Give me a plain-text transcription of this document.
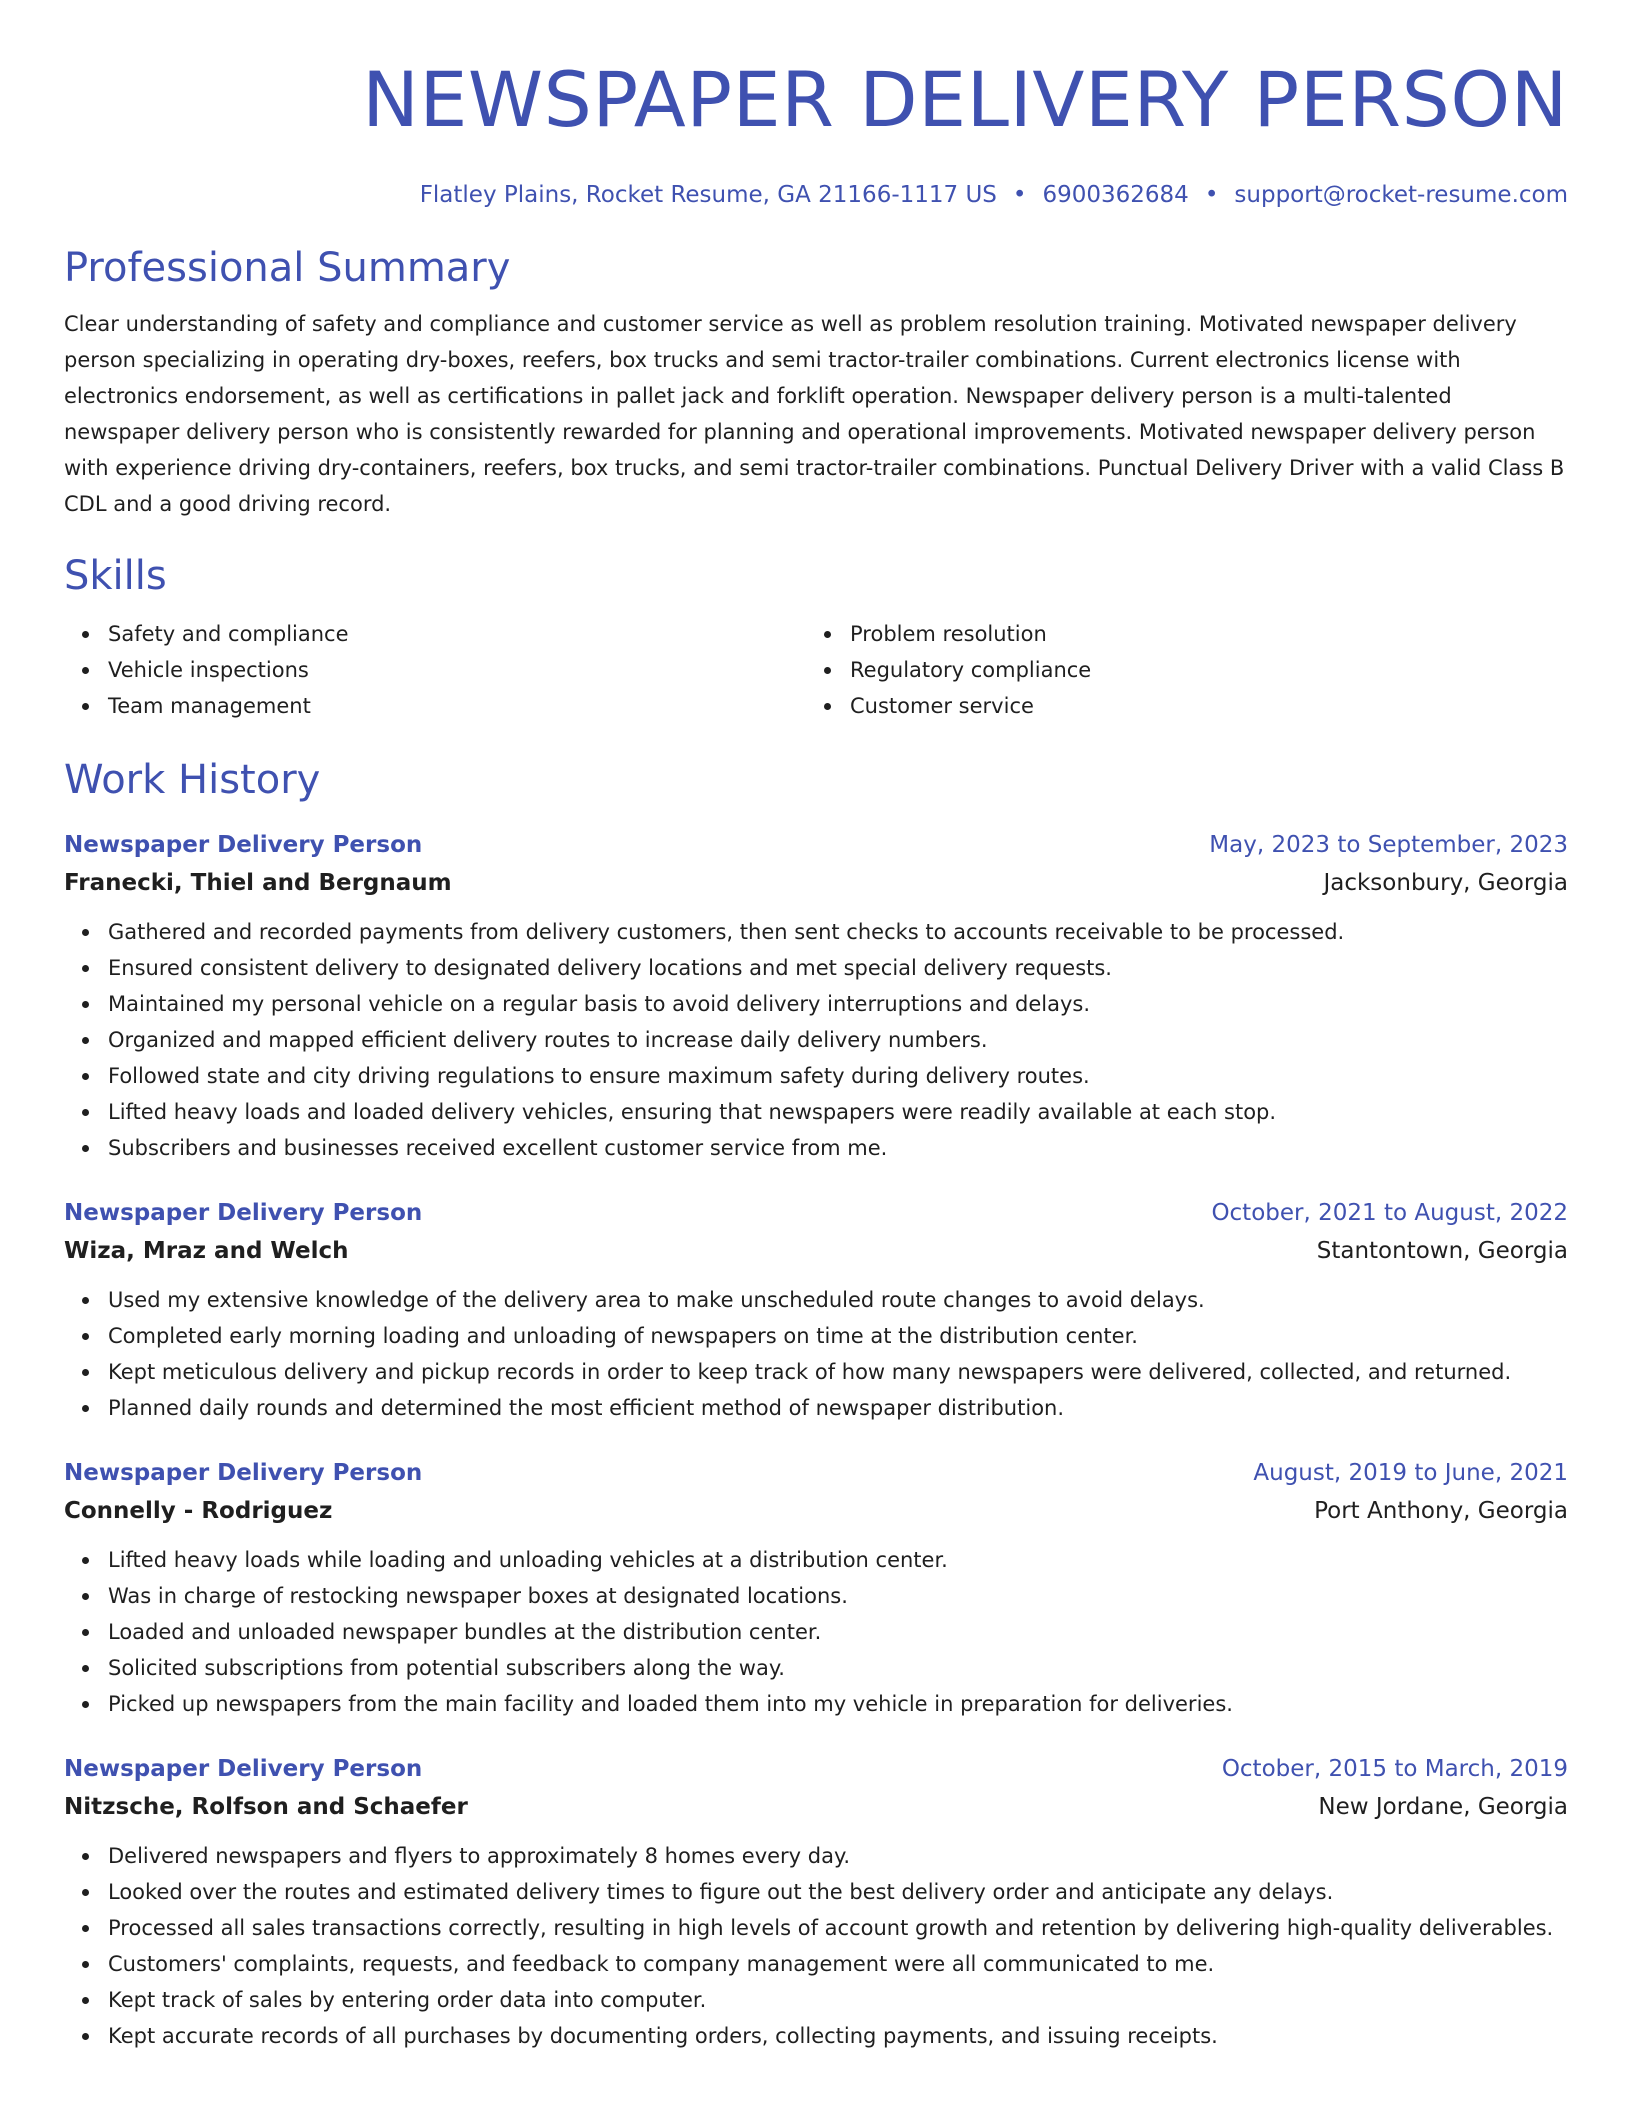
NEWSPAPER DELIVERY PERSON
Flatley Plains, Rocket Resume, GA 21166-1117 US • 6900362684 • support@rocket-resume.com
Professional Summary
Clear understanding of safety and compliance and customer service as well as problem resolution training. Motivated newspaper delivery person specializing in operating dry-boxes, reefers, box trucks and semi tractor-trailer combinations. Current electronics license with electronics endorsement, as well as certifications in pallet jack and forklift operation. Newspaper delivery person is a multi-talented newspaper delivery person who is consistently rewarded for planning and operational improvements. Motivated newspaper delivery person with experience driving dry-containers, reefers, box trucks, and semi tractor-trailer combinations. Punctual Delivery Driver with a valid Class B CDL and a good driving record.
Skills
Safety and compliance
Vehicle inspections
Team management
Problem resolution
Regulatory compliance
Customer service
Work History
Newspaper Delivery Person	May, 2023 to September, 2023
Franecki, Thiel and Bergnaum	Jacksonbury, Georgia
Gathered and recorded payments from delivery customers, then sent checks to accounts receivable to be processed.
Ensured consistent delivery to designated delivery locations and met special delivery requests.
Maintained my personal vehicle on a regular basis to avoid delivery interruptions and delays.
Organized and mapped efficient delivery routes to increase daily delivery numbers.
Followed state and city driving regulations to ensure maximum safety during delivery routes.
Lifted heavy loads and loaded delivery vehicles, ensuring that newspapers were readily available at each stop.
Subscribers and businesses received excellent customer service from me.
Newspaper Delivery Person	October, 2021 to August, 2022
Wiza, Mraz and Welch	Stantontown, Georgia
Used my extensive knowledge of the delivery area to make unscheduled route changes to avoid delays.
Completed early morning loading and unloading of newspapers on time at the distribution center.
Kept meticulous delivery and pickup records in order to keep track of how many newspapers were delivered, collected, and returned.
Planned daily rounds and determined the most efficient method of newspaper distribution.
Newspaper Delivery Person	August, 2019 to June, 2021
Connelly - Rodriguez	Port Anthony, Georgia
Lifted heavy loads while loading and unloading vehicles at a distribution center.
Was in charge of restocking newspaper boxes at designated locations.
Loaded and unloaded newspaper bundles at the distribution center.
Solicited subscriptions from potential subscribers along the way.
Picked up newspapers from the main facility and loaded them into my vehicle in preparation for deliveries.
Newspaper Delivery Person	October, 2015 to March, 2019
Nitzsche, Rolfson and Schaefer	New Jordane, Georgia
Delivered newspapers and flyers to approximately 8 homes every day.
Looked over the routes and estimated delivery times to figure out the best delivery order and anticipate any delays.
Processed all sales transactions correctly, resulting in high levels of account growth and retention by delivering high-quality deliverables.
Customers' complaints, requests, and feedback to company management were all communicated to me.
Kept track of sales by entering order data into computer.
Kept accurate records of all purchases by documenting orders, collecting payments, and issuing receipts.
